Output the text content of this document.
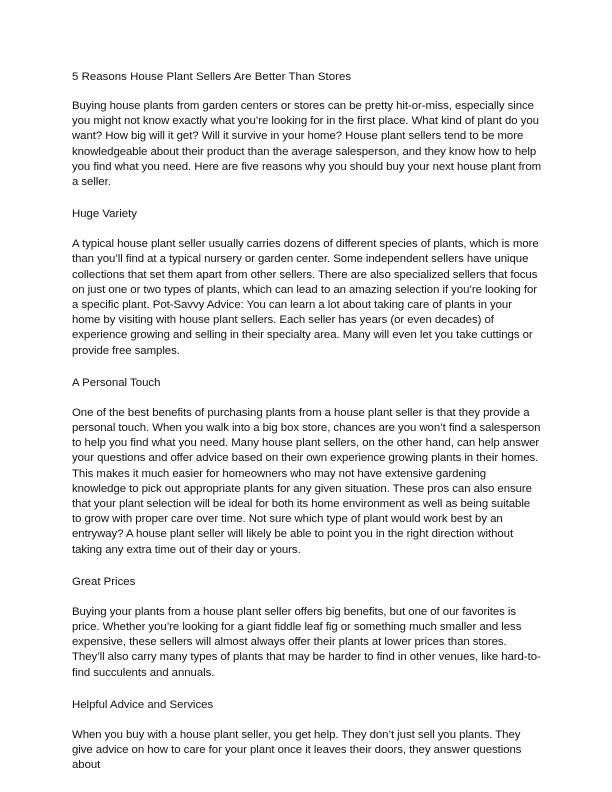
5 Reasons House Plant Sellers Are Better Than Stores

Buying house plants from garden centers or stores can be pretty hit-or-miss, especially since you might not know exactly what you’re looking for in the first place. What kind of plant do you want? How big will it get? Will it survive in your home? House plant sellers tend to be more knowledgeable about their product than the average salesperson, and they know how to help you find what you need. Here are five reasons why you should buy your next house plant from a seller.

Huge Variety

A typical house plant seller usually carries dozens of different species of plants, which is more than you’ll find at a typical nursery or garden center. Some independent sellers have unique collections that set them apart from other sellers. There are also specialized sellers that focus on just one or two types of plants, which can lead to an amazing selection if you’re looking for a specific plant. Pot-Savvy Advice: You can learn a lot about taking care of plants in your home by visiting with house plant sellers. Each seller has years (or even decades) of experience growing and selling in their specialty area. Many will even let you take cuttings or provide free samples.

A Personal Touch

One of the best benefits of purchasing plants from a house plant seller is that they provide a personal touch. When you walk into a big box store, chances are you won’t find a salesperson to help you find what you need. Many house plant sellers, on the other hand, can help answer your questions and offer advice based on their own experience growing plants in their homes. This makes it much easier for homeowners who may not have extensive gardening knowledge to pick out appropriate plants for any given situation. These pros can also ensure that your plant selection will be ideal for both its home environment as well as being suitable to grow with proper care over time. Not sure which type of plant would work best by an entryway? A house plant seller will likely be able to point you in the right direction without taking any extra time out of their day or yours.

Great Prices

Buying your plants from a house plant seller offers big benefits, but one of our favorites is price. Whether you’re looking for a giant fiddle leaf fig or something much smaller and less expensive, these sellers will almost always offer their plants at lower prices than stores. They’ll also carry many types of plants that may be harder to find in other venues, like hard-to-find succulents and annuals.

Helpful Advice and Services

When you buy with a house plant seller, you get help. They don’t just sell you plants. They give advice on how to care for your plant once it leaves their doors, they answer questions about
